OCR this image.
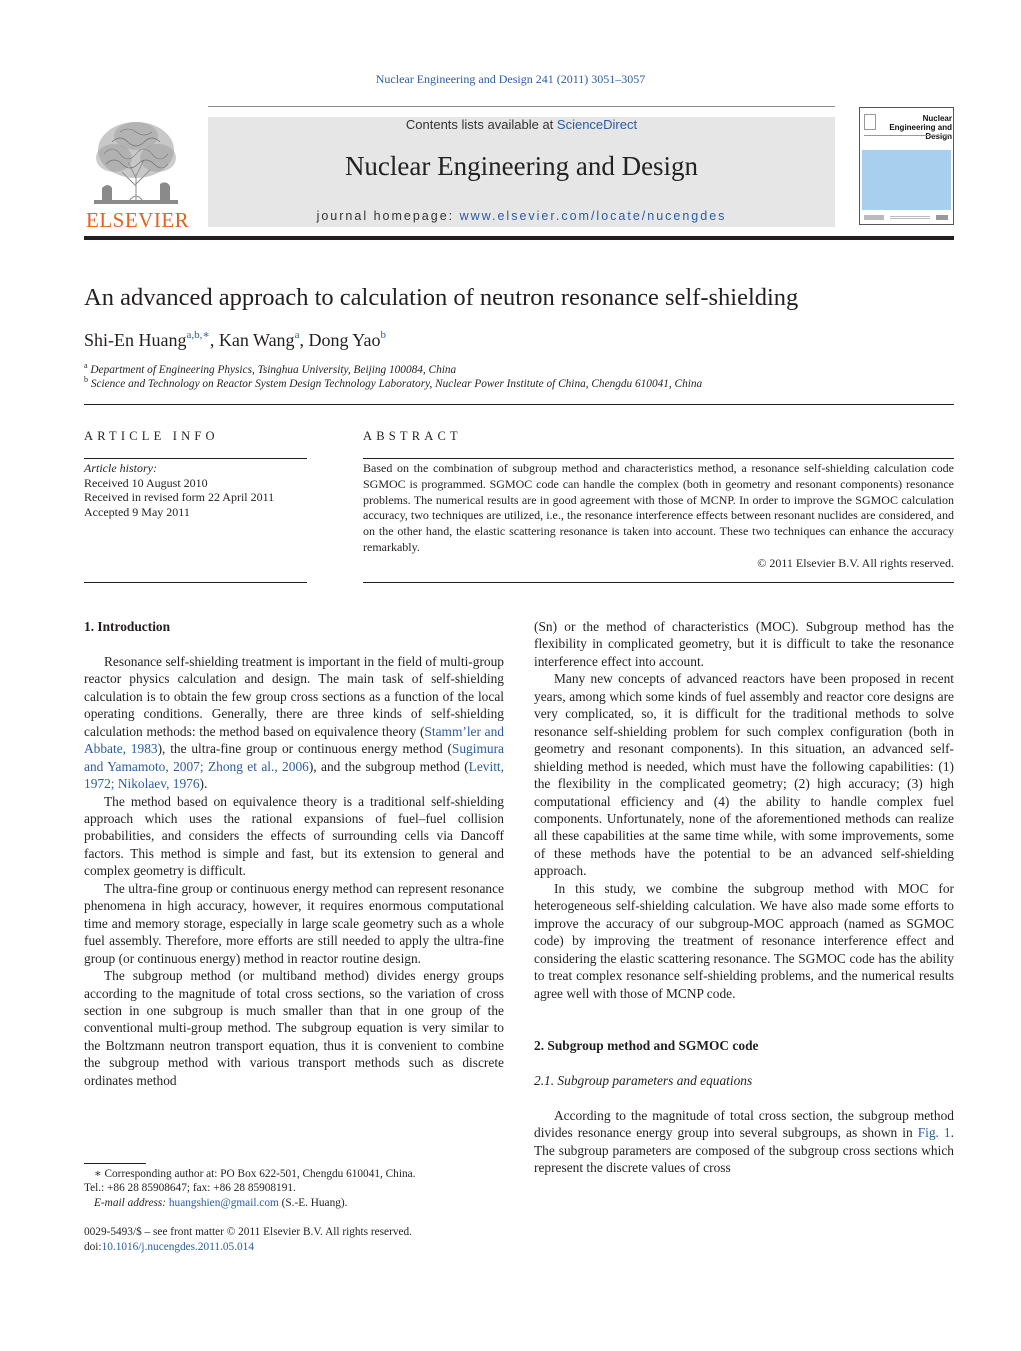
Nuclear Engineering and Design 241 (2011) 3051–3057
ELSEVIER
Contents lists available at ScienceDirect
Nuclear Engineering and Design
journal homepage: www.elsevier.com/locate/nucengdes
Nuclear Engineering and Design
An advanced approach to calculation of neutron resonance self-shielding
Shi-En Huang$^{a,b,∗}$, Kan Wang$^a$, Dong Yao$^b$
$^a$ Department of Engineering Physics, Tsinghua University, Beijing 100084, China
$^b$ Science and Technology on Reactor System Design Technology Laboratory, Nuclear Power Institute of China, Chengdu 610041, China
ARTICLE INFO	ABSTRACT
Article history:
Received 10 August 2010
Received in revised form 22 April 2011
Accepted 9 May 2011
Based on the combination of subgroup method and characteristics method, a resonance self-shielding calculation code SGMOC is programmed. SGMOC code can handle the complex (both in geometry and resonant components) resonance problems. The numerical results are in good agreement with those of MCNP. In order to improve the SGMOC calculation accuracy, two techniques are utilized, i.e., the resonance interference effects between resonant nuclides are considered, and on the other hand, the elastic scattering resonance is taken into account. These two techniques can enhance the accuracy remarkably.
© 2011 Elsevier B.V. All rights reserved.
1. Introduction

Resonance self-shielding treatment is important in the field of multi-group reactor physics calculation and design. The main task of self-shielding calculation is to obtain the few group cross sections as a function of the local operating conditions. Generally, there are three kinds of self-shielding calculation methods: the method based on equivalence theory (Stamm’ler and Abbate, 1983), the ultra-fine group or continuous energy method (Sugimura and Yamamoto, 2007; Zhong et al., 2006), and the subgroup method (Levitt, 1972; Nikolaev, 1976).

The method based on equivalence theory is a traditional self-shielding approach which uses the rational expansions of fuel–fuel collision probabilities, and considers the effects of surrounding cells via Dancoff factors. This method is simple and fast, but its extension to general and complex geometry is difficult.

The ultra-fine group or continuous energy method can represent resonance phenomena in high accuracy, however, it requires enormous computational time and memory storage, especially in large scale geometry such as a whole fuel assembly. Therefore, more efforts are still needed to apply the ultra-fine group (or continuous energy) method in reactor routine design.

The subgroup method (or multiband method) divides energy groups according to the magnitude of total cross sections, so the variation of cross section in one subgroup is much smaller than that in one group of the conventional multi-group method. The subgroup equation is very similar to the Boltzmann neutron transport equation, thus it is convenient to combine the subgroup method with various transport methods such as discrete ordinates method

(Sn) or the method of characteristics (MOC). Subgroup method has the flexibility in complicated geometry, but it is difficult to take the resonance interference effect into account.

Many new concepts of advanced reactors have been proposed in recent years, among which some kinds of fuel assembly and reactor core designs are very complicated, so, it is difficult for the traditional methods to solve resonance self-shielding problem for such complex configuration (both in geometry and resonant components). In this situation, an advanced self-shielding method is needed, which must have the following capabilities: (1) the flexibility in the complicated geometry; (2) high accuracy; (3) high computational efficiency and (4) the ability to handle complex fuel components. Unfortunately, none of the aforementioned methods can realize all these capabilities at the same time while, with some improvements, some of these methods have the potential to be an advanced self-shielding approach.

In this study, we combine the subgroup method with MOC for heterogeneous self-shielding calculation. We have also made some efforts to improve the accuracy of our subgroup-MOC approach (named as SGMOC code) by improving the treatment of resonance interference effect and considering the elastic scattering resonance. The SGMOC code has the ability to treat complex resonance self-shielding problems, and the numerical results agree well with those of MCNP code.

2. Subgroup method and SGMOC code
2.1. Subgroup parameters and equations

According to the magnitude of total cross section, the subgroup method divides resonance energy group into several subgroups, as shown in Fig. 1. The subgroup parameters are composed of the subgroup cross sections which represent the discrete values of cross

∗ Corresponding author at: PO Box 622-501, Chengdu 610041, China.
Tel.: +86 28 85908647; fax: +86 28 85908191.
E-mail address: huangshien@gmail.com (S.-E. Huang).
0029-5493/$ – see front matter © 2011 Elsevier B.V. All rights reserved.
doi:10.1016/j.nucengdes.2011.05.014
